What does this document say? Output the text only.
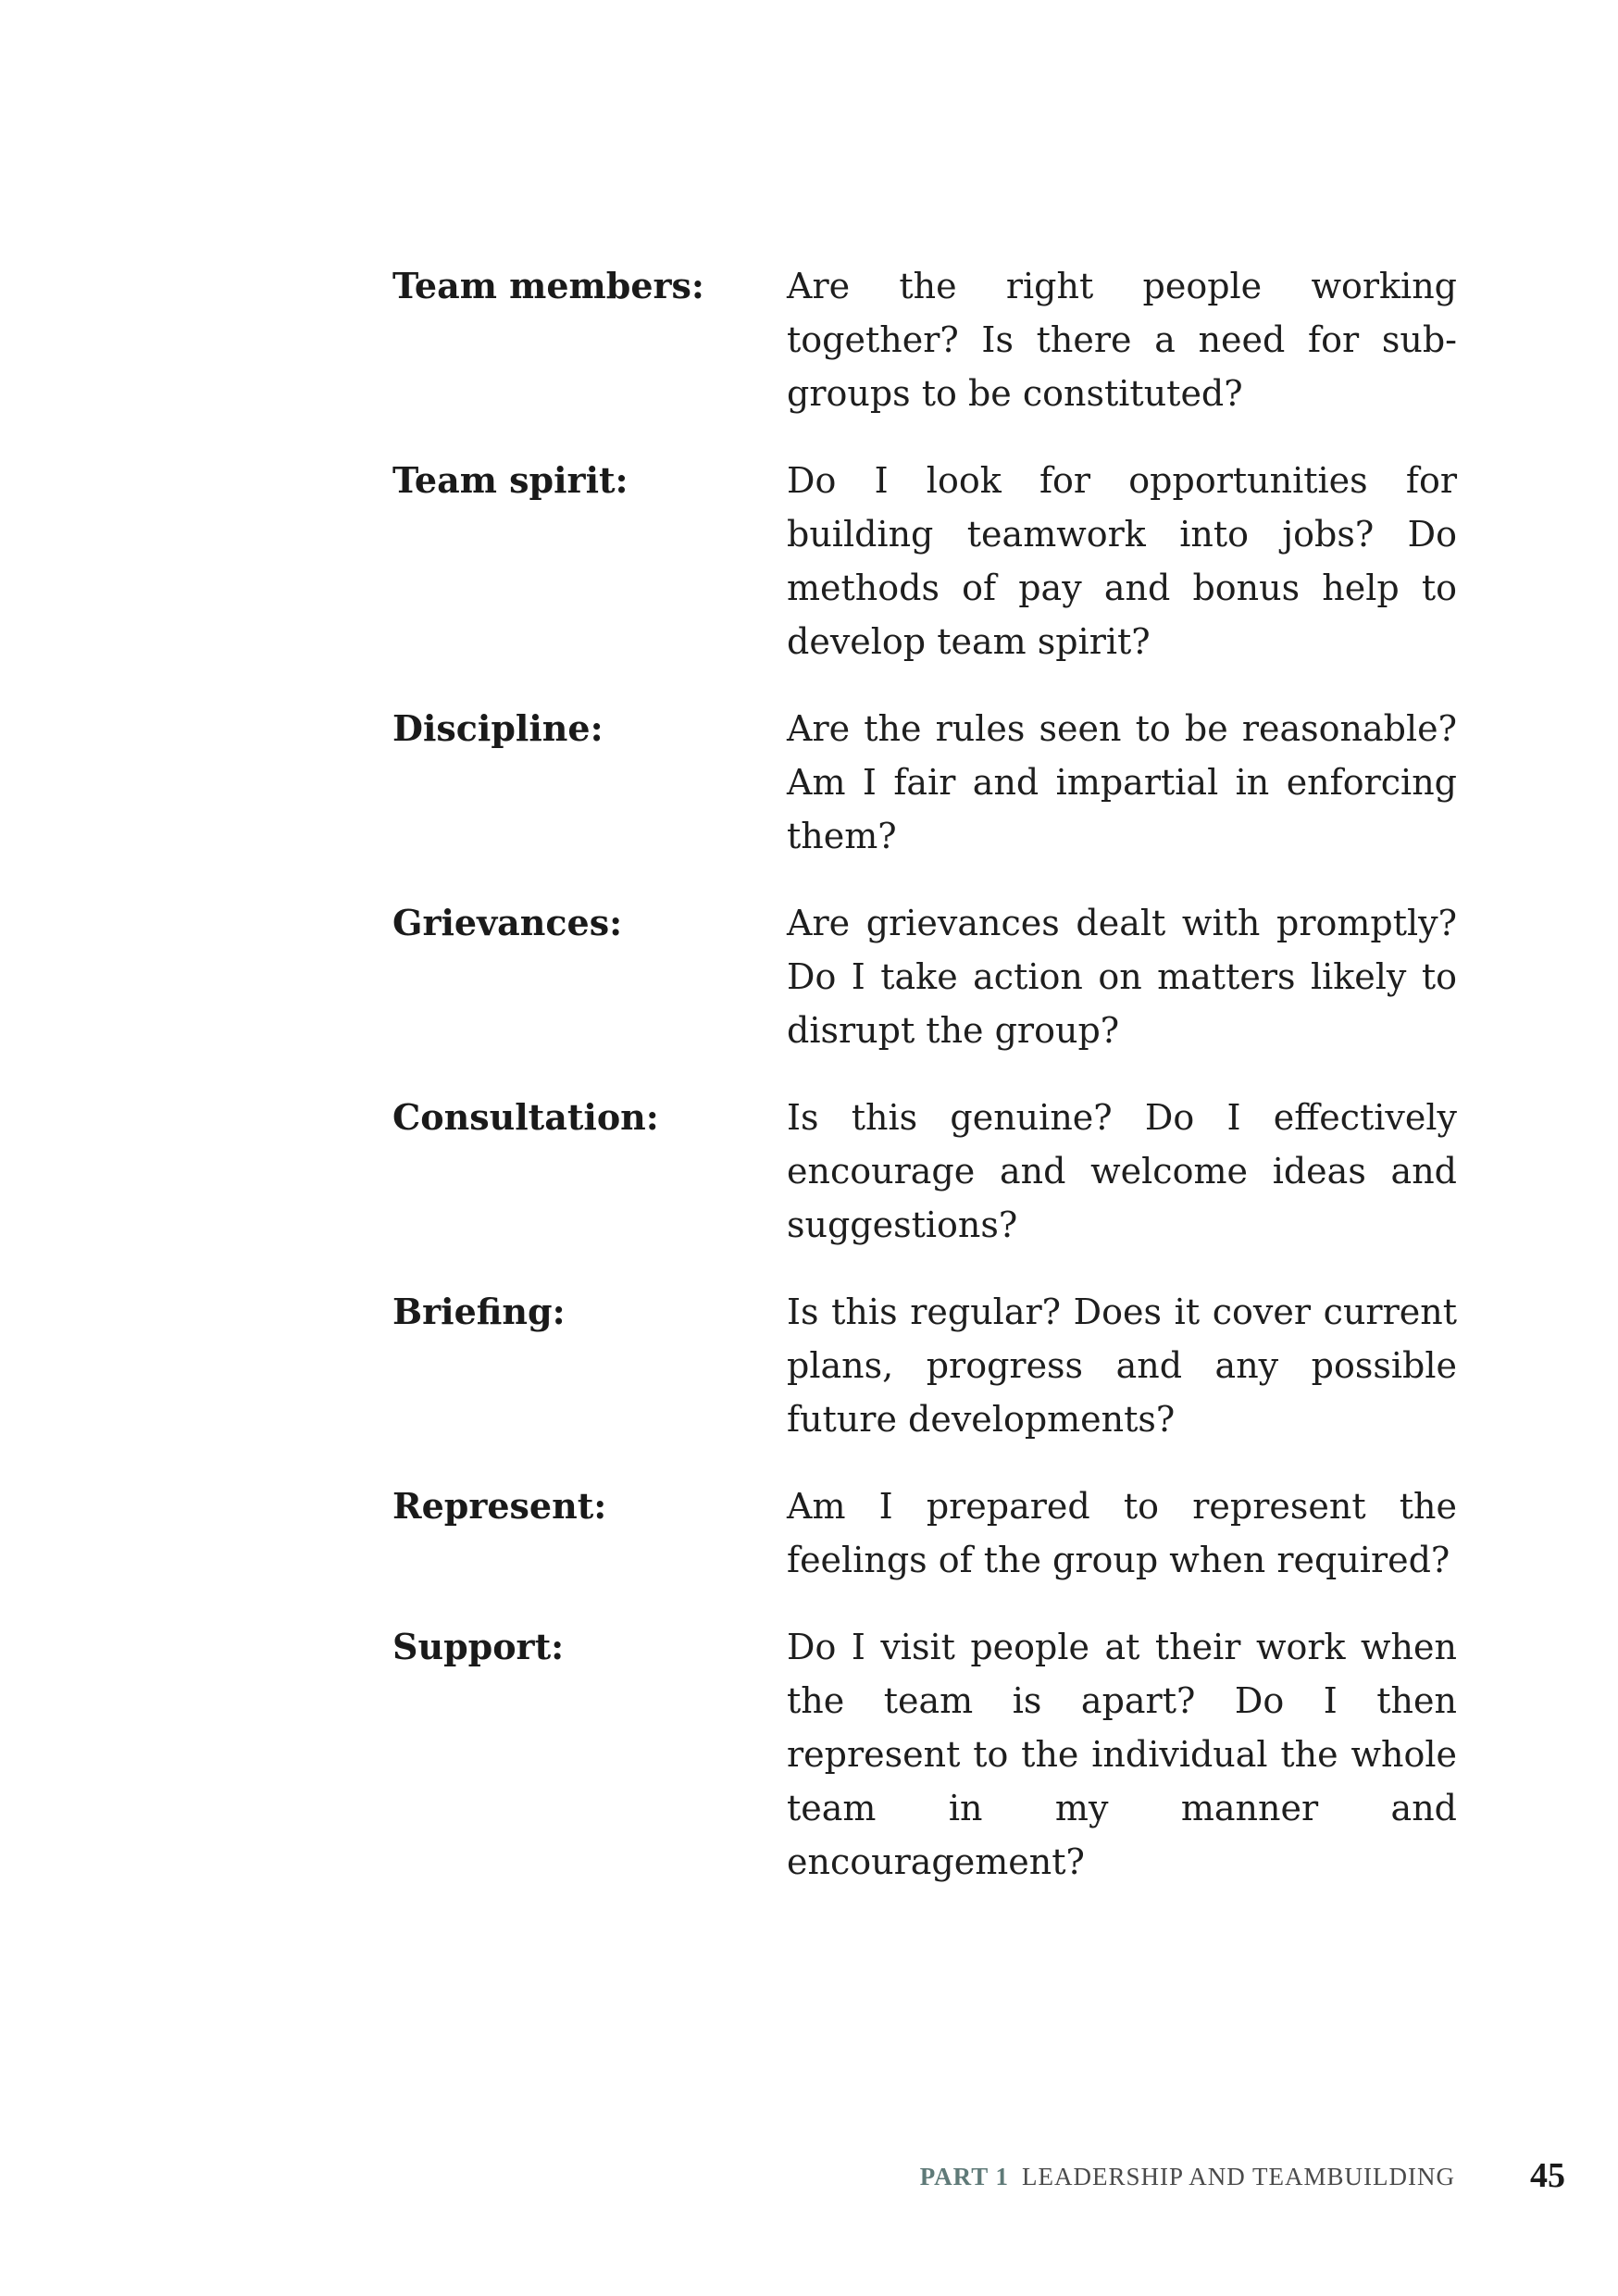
Team members:	Are the right people working together? Is there a need for sub-groups to be constituted?
Team spirit:	Do I look for opportunities for building teamwork into jobs? Do methods of pay and bonus help to develop team spirit?
Discipline:	Are the rules seen to be reasonable? Am I fair and impartial in enforcing them?
Grievances:	Are grievances dealt with promptly? Do I take action on matters likely to disrupt the group?
Consultation:	Is this genuine? Do I effectively encourage and welcome ideas and suggestions?
Briefing:	Is this regular? Does it cover current plans, progress and any possible future developments?
Represent:	Am I prepared to represent the feelings of the group when required?
Support:	Do I visit people at their work when the team is apart? Do I then represent to the individual the whole team in my manner and encouragement?
PART 1 LEADERSHIP AND TEAMBUILDING 45
